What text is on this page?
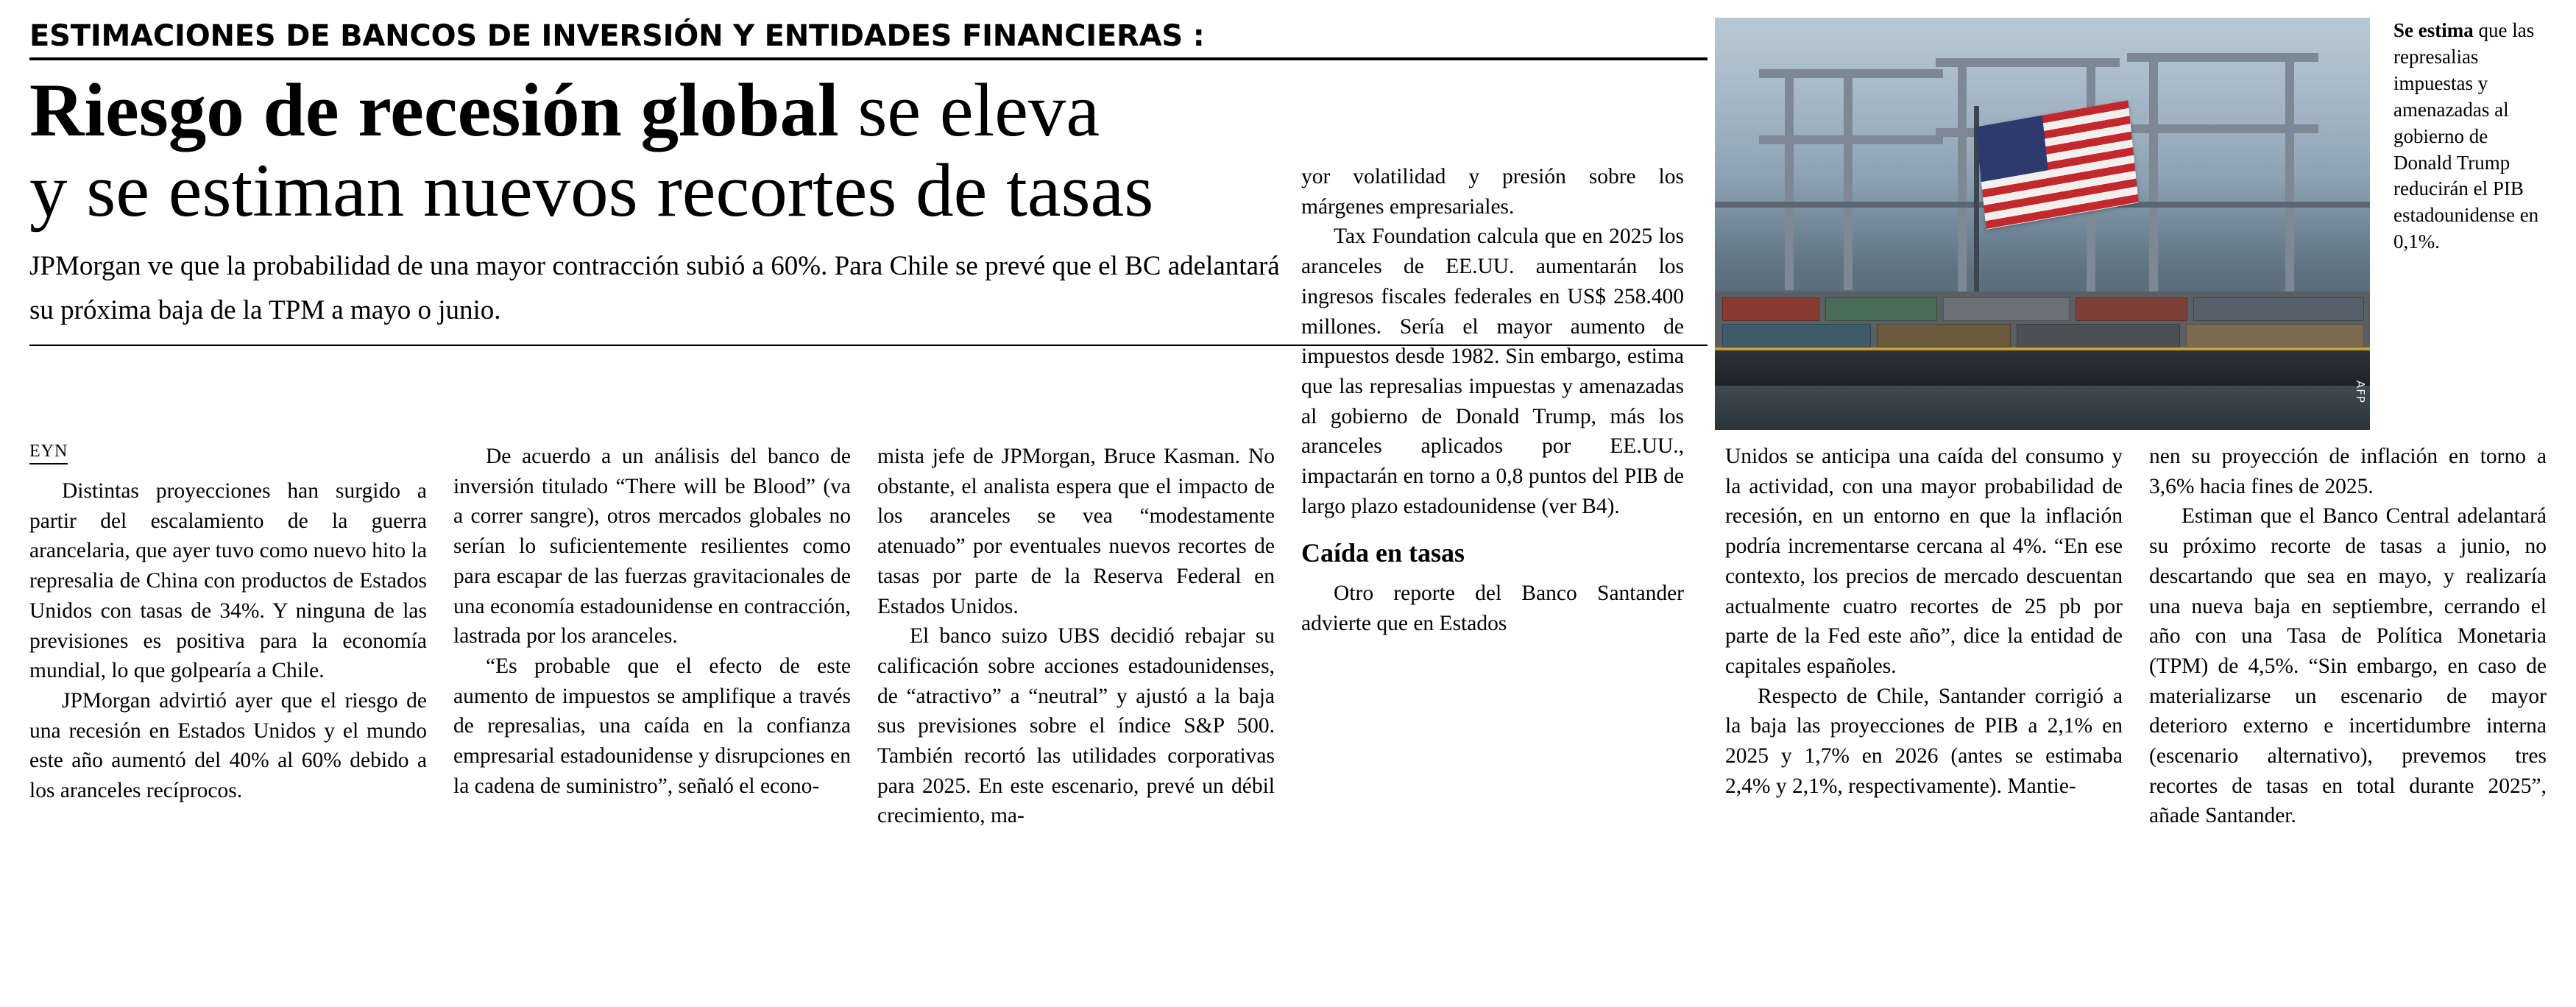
ESTIMACIONES DE BANCOS DE INVERSIÓN Y ENTIDADES FINANCIERAS :
Riesgo de recesión global se eleva
y se estiman nuevos recortes de tasas
JPMorgan ve que la probabilidad de una mayor contracción subió a 60%. Para Chile se prevé que el BC adelantará su próxima baja de la TPM a mayo o junio.
AFP
Se estima que las represalias impuestas y amenazadas al gobierno de Donald Trump reducirán el PIB estadounidense en 0,1%.
EYN

Distintas proyecciones han surgido a partir del escalamiento de la guerra arancelaria, que ayer tuvo como nuevo hito la represalia de China con productos de Estados Unidos con tasas de 34%. Y ninguna de las previsiones es positiva para la economía mundial, lo que golpearía a Chile.

JPMorgan advirtió ayer que el riesgo de una recesión en Estados Unidos y el mundo este año aumentó del 40% al 60% debido a los aranceles recíprocos.

De acuerdo a un análisis del banco de inversión titulado “There will be Blood” (va a correr sangre), otros mercados globales no serían lo suficientemente resilientes como para escapar de las fuerzas gravitacionales de una economía estadounidense en contracción, lastrada por los aranceles.

“Es probable que el efecto de este aumento de impuestos se amplifique a través de represalias, una caída en la confianza empresarial estadounidense y disrupciones en la cadena de suministro”, señaló el econo-

mista jefe de JPMorgan, Bruce Kasman. No obstante, el analista espera que el impacto de los aranceles se vea “modestamente atenuado” por eventuales nuevos recortes de tasas por parte de la Reserva Federal en Estados Unidos.

El banco suizo UBS decidió rebajar su calificación sobre acciones estadounidenses, de “atractivo” a “neutral” y ajustó a la baja sus previsiones sobre el índice S&P 500. También recortó las utilidades corporativas para 2025. En este escenario, prevé un débil crecimiento, ma-

yor volatilidad y presión sobre los márgenes empresariales.

Tax Foundation calcula que en 2025 los aranceles de EE.UU. aumentarán los ingresos fiscales federales en US$ 258.400 millones. Sería el mayor aumento de impuestos desde 1982. Sin embargo, estima que las represalias impuestas y amenazadas al gobierno de Donald Trump, más los aranceles aplicados por EE.UU., impactarán en torno a 0,8 puntos del PIB de largo plazo estadounidense (ver B4).

Caída en tasas

Otro reporte del Banco Santander advierte que en Estados

Unidos se anticipa una caída del consumo y la actividad, con una mayor probabilidad de recesión, en un entorno en que la inflación podría incrementarse cercana al 4%. “En ese contexto, los precios de mercado descuentan actualmente cuatro recortes de 25 pb por parte de la Fed este año”, dice la entidad de capitales españoles.

Respecto de Chile, Santander corrigió a la baja las proyecciones de PIB a 2,1% en 2025 y 1,7% en 2026 (antes se estimaba 2,4% y 2,1%, respectivamente). Mantie-

nen su proyección de inflación en torno a 3,6% hacia fines de 2025.

Estiman que el Banco Central adelantará su próximo recorte de tasas a junio, no descartando que sea en mayo, y realizaría una nueva baja en septiembre, cerrando el año con una Tasa de Política Monetaria (TPM) de 4,5%. “Sin embargo, en caso de materializarse un escenario de mayor deterioro externo e incertidumbre interna (escenario alternativo), prevemos tres recortes de tasas en total durante 2025”, añade Santander.
